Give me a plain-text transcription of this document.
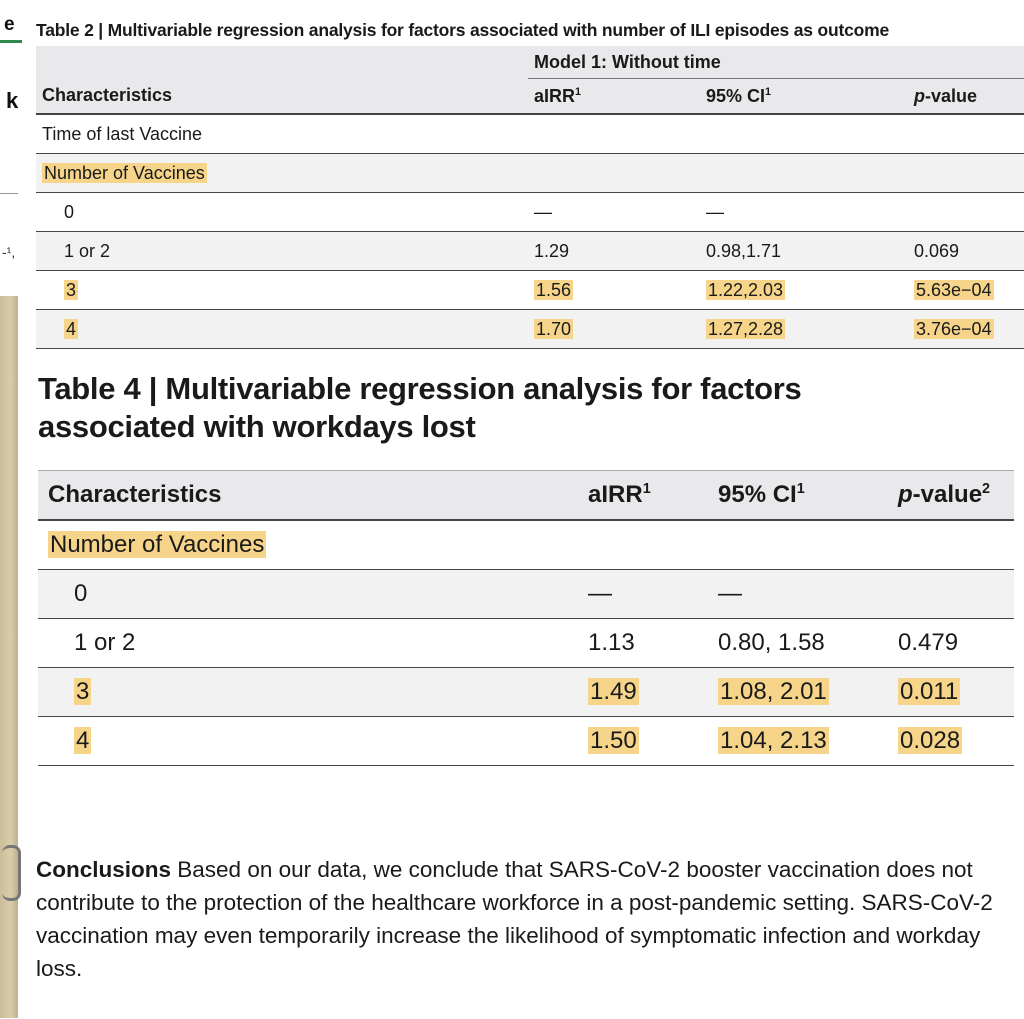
e
k
-¹,
Table 2 | Multivariable regression analysis for factors associated with number of ILI episodes as outcome
	Model 1: Without time		
Characteristics	aIRR$^1$	95% $CI^1$	p-value
Time of last Vaccine			
Number of Vaccines			
0	—	—	
1 or 2	1.29	0.98,1.71	0.069
3	1.56	1.22,2.03	5.63e−04
4	1.70	1.27,2.28	3.76e−04
Table 4 | Multivariable regression analysis for factors associated with workdays lost
Characteristics	aIRR$^1$	95% $CI^1$	p-value$^2$
Number of Vaccines			
0	—	—	
1 or 2	1.13	0.80, 1.58	0.479
3	1.49	1.08, 2.01	0.011
4	1.50	1.04, 2.13	0.028

Conclusions Based on our data, we conclude that SARS-CoV-2 booster vaccination does not contribute to the protection of the healthcare workforce in a post-pandemic setting. SARS-CoV-2 vaccination may even temporarily increase the likelihood of symptomatic infection and workday loss.
